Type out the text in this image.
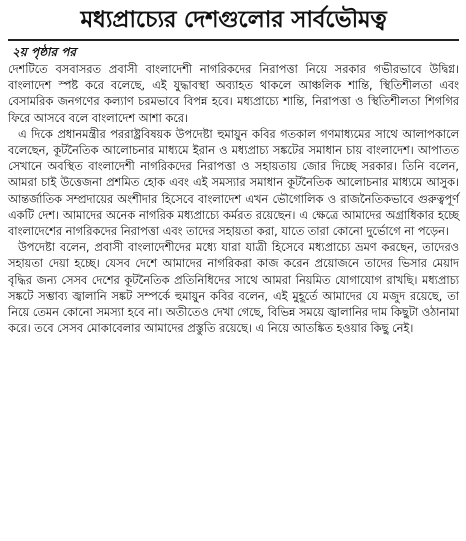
মধ্যপ্রাচ্যের দেশগুলোর সার্বভৌমত্ব
২য় পৃষ্ঠার পর

দেশটিতে বসবাসরত প্রবাসী বাংলাদেশী নাগরিকদের নিরাপত্তা নিয়ে সরকার গভীরভাবে উদ্বিগ্ন। বাংলাদেশ স্পষ্ট করে বলেছে, এই যুদ্ধাবস্থা অব্যাহত থাকলে আঞ্চলিক শান্তি, স্থিতিশীলতা এবং বেসামরিক জনগণের কল্যাণ চরমভাবে বিপন্ন হবে। মধ্যপ্রাচ্যে শান্তি, নিরাপত্তা ও স্থিতিশীলতা শিগগির ফিরে আসবে বলে বাংলাদেশ আশা করে।

এ দিকে প্রধানমন্ত্রীর পররাষ্ট্রবিষয়ক উপদেষ্টা হুমায়ুন কবির গতকাল গণমাধ্যমের সাথে আলাপকালে বলেছেন, কূটনৈতিক আলোচনার মাধ্যমে ইরান ও মধ্যপ্রাচ্য সঙ্কটের সমাধান চায় বাংলাদেশ। আপাতত সেখানে অবস্থিত বাংলাদেশী নাগরিকদের নিরাপত্তা ও সহায়তায় জোর দিচ্ছে সরকার। তিনি বলেন, আমরা চাই উত্তেজনা প্রশমিত হোক এবং এই সমস্যার সমাধান কূটনৈতিক আলোচনার মাধ্যমে আসুক। আন্তর্জাতিক সম্প্রদায়ের অংশীদার হিসেবে বাংলাদেশ এখন ভৌগোলিক ও রাজনৈতিকভাবে গুরুত্বপূর্ণ একটি দেশ। আমাদের অনেক নাগরিক মধ্যপ্রাচ্যে কর্মরত রয়েছেন। এ ক্ষেত্রে আমাদের অগ্রাধিকার হচ্ছে বাংলাদেশের নাগরিকদের নিরাপত্তা এবং তাদের সহায়তা করা, যাতে তারা কোনো দুর্ভোগে না পড়েন।

উপদেষ্টা বলেন, প্রবাসী বাংলাদেশীদের মধ্যে যারা যাত্রী হিসেবে মধ্যপ্রাচ্যে ভ্রমণ করছেন, তাদেরও সহায়তা দেয়া হচ্ছে। যেসব দেশে আমাদের নাগরিকরা কাজ করেন প্রয়োজনে তাদের ভিসার মেয়াদ বৃদ্ধির জন্য সেসব দেশের কূটনৈতিক প্রতিনিধিদের সাথে আমরা নিয়মিত যোগাযোগ রাখছি। মধ্যপ্রাচ্য সঙ্কটে সম্ভাব্য জ্বালানি সঙ্কট সম্পর্কে হুমায়ুন কবির বলেন, এই মুহূর্তে আমাদের যে মজুদ রয়েছে, তা নিয়ে তেমন কোনো সমস্যা হবে না। অতীতেও দেখা গেছে, বিভিন্ন সময়ে জ্বালানির দাম কিছুটা ওঠানামা করে। তবে সেসব মোকাবেলার আমাদের প্রস্তুতি রয়েছে। এ নিয়ে আতঙ্কিত হওয়ার কিছু নেই।
